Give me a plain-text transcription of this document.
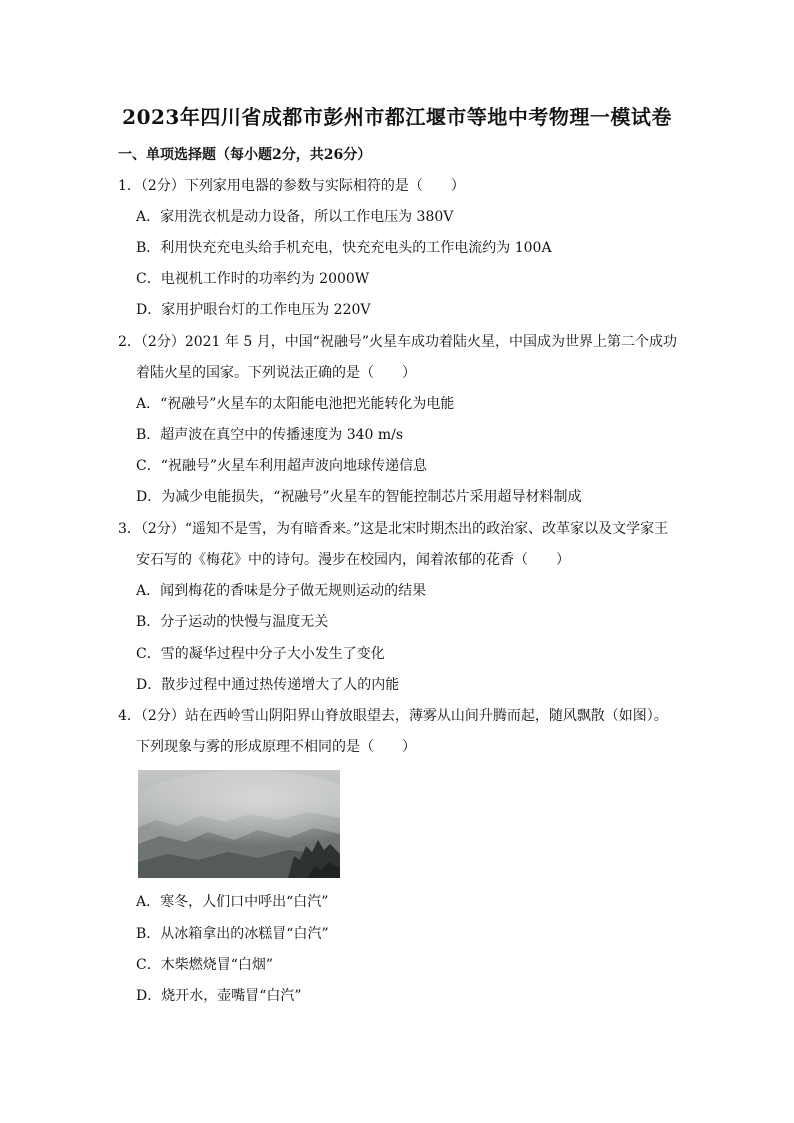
2023年四川省成都市彭州市都江堰市等地中考物理一模试卷
一、单项选择题（每小题2分，共26分）
1．（2分）下列家用电器的参数与实际相符的是（　　）
A．家用洗衣机是动力设备，所以工作电压为 380V
B．利用快充充电头给手机充电，快充充电头的工作电流约为 100A
C．电视机工作时的功率约为 2000W
D．家用护眼台灯的工作电压为 220V
2．（2分）2021 年 5 月，中国“祝融号”火星车成功着陆火星，中国成为世界上第二个成功
着陆火星的国家。下列说法正确的是（　　）
A．“祝融号”火星车的太阳能电池把光能转化为电能
B．超声波在真空中的传播速度为 340 m/s
C．“祝融号”火星车利用超声波向地球传递信息
D．为减少电能损失，“祝融号”火星车的智能控制芯片采用超导材料制成
3．（2分）“遥知不是雪，为有暗香来。”这是北宋时期杰出的政治家、改革家以及文学家王
安石写的《梅花》中的诗句。漫步在校园内，闻着浓郁的花香（　　）
A．闻到梅花的香味是分子做无规则运动的结果
B．分子运动的快慢与温度无关
C．雪的凝华过程中分子大小发生了变化
D．散步过程中通过热传递增大了人的内能
4．（2分）站在西岭雪山阴阳界山脊放眼望去，薄雾从山间升腾而起，随风飘散（如图）。
下列现象与雾的形成原理不相同的是（　　）
A．寒冬，人们口中呼出“白汽”
B．从冰箱拿出的冰糕冒“白汽”
C．木柴燃烧冒“白烟”
D．烧开水，壶嘴冒“白汽”
